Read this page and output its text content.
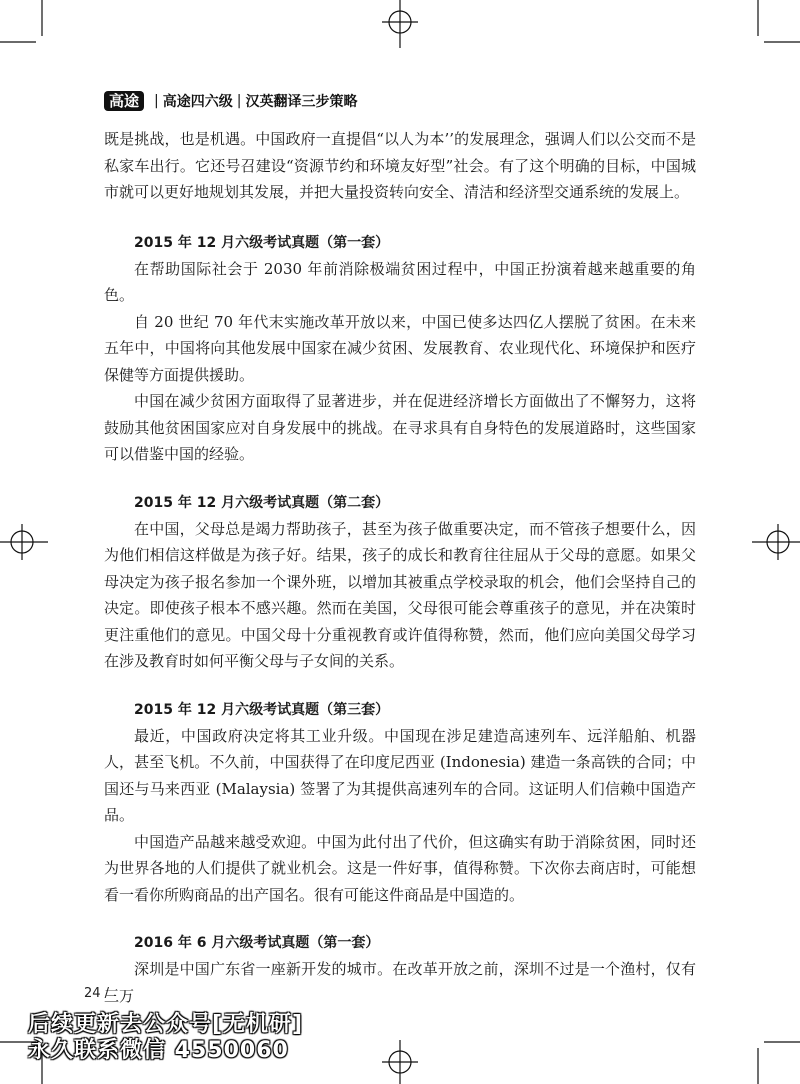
高途	| 高途四六级 | 汉英翻译三步策略

既是挑战，也是机遇。中国政府一直提倡“以人为本’’的发展理念，强调人们以公交而不是私家车出行。它还号召建设“资源节约和环境友好型”社会。有了这个明确的目标，中国城市就可以更好地规划其发展，并把大量投资转向安全、清洁和经济型交通系统的发展上。

2015 年 12 月六级考试真题（第一套）

在帮助国际社会于 2030 年前消除极端贫困过程中，中国正扮演着越来越重要的角色。

自 20 世纪 70 年代末实施改革开放以来，中国已使多达四亿人摆脱了贫困。在未来五年中，中国将向其他发展中国家在减少贫困、发展教育、农业现代化、环境保护和医疗保健等方面提供援助。

中国在减少贫困方面取得了显著进步，并在促进经济增长方面做出了不懈努力，这将鼓励其他贫困国家应对自身发展中的挑战。在寻求具有自身特色的发展道路时，这些国家可以借鉴中国的经验。

2015 年 12 月六级考试真题（第二套）

在中国，父母总是竭力帮助孩子，甚至为孩子做重要决定，而不管孩子想要什么，因为他们相信这样做是为孩子好。结果，孩子的成长和教育往往屈从于父母的意愿。如果父母决定为孩子报名参加一个课外班，以增加其被重点学校录取的机会，他们会坚持自己的决定。即使孩子根本不感兴趣。然而在美国，父母很可能会尊重孩子的意见，并在决策时更注重他们的意见。中国父母十分重视教育或许值得称赞，然而，他们应向美国父母学习在涉及教育时如何平衡父母与子女间的关系。

2015 年 12 月六级考试真题（第三套）

最近，中国政府决定将其工业升级。中国现在涉足建造高速列车、远洋船舶、机器人，甚至飞机。不久前，中国获得了在印度尼西亚 (Indonesia) 建造一条高铁的合同；中国还与马来西亚 (Malaysia) 签署了为其提供高速列车的合同。这证明人们信赖中国造产品。

中国造产品越来越受欢迎。中国为此付出了代价，但这确实有助于消除贫困，同时还为世界各地的人们提供了就业机会。这是一件好事，值得称赞。下次你去商店时，可能想看一看你所购商品的出产国名。很有可能这件商品是中国造的。

2016 年 6 月六级考试真题（第一套）

深圳是中国广东省一座新开发的城市。在改革开放之前，深圳不过是一个渔村，仅有三万

24 /
后续更新去公众号[无机研]
永久联系微信 4550060
